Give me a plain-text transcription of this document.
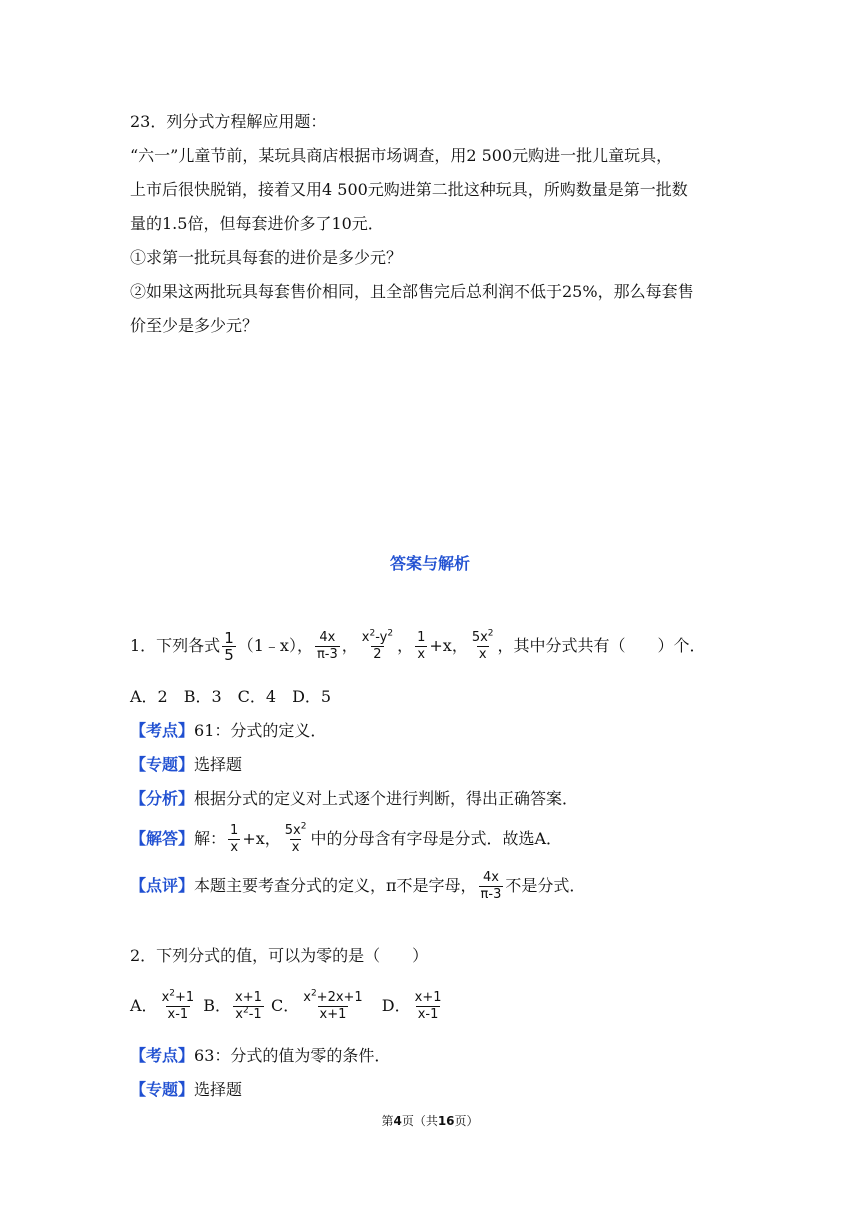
23．列分式方程解应用题：
“六一”儿童节前，某玩具商店根据市场调查，用2 500元购进一批儿童玩具，
上市后很快脱销，接着又用4 500元购进第二批这种玩具，所购数量是第一批数
量的1.5倍，但每套进价多了10元．
①求第一批玩具每套的进价是多少元？
②如果这两批玩具每套售价相同，且全部售完后总利润不低于25%，那么每套售
价至少是多少元？
答案与解析
1．下列各式 $\frac{1}{5}$ （1﹣x）， $\frac{4x}{\pi-3}$ ， $\frac{x^2-y^2}{2}$ ， $\frac{1}{x} +x$， $\frac{5x^2}{x}$ ，其中分式共有（　　）个．
A．2　B．3　C．4　D．5
【考点】61：分式的定义．
【专题】选择题
【分析】根据分式的定义对上式逐个进行判断，得出正确答案．
【解答】解： $\frac{1}{x} +x$， $\frac{5x^2}{x}$ 中的分母含有字母是分式．故选A．
【点评】本题主要考查分式的定义，π不是字母， $\frac{4x}{\pi-3}$ 不是分式．
2．下列分式的值，可以为零的是（　　）
A． $\frac{x^2+1}{x-1}$ B． $\frac{x+1}{x^2-1}$ C． $\frac{x^2+2x+1}{x+1}$ D． $\frac{x+1}{x-1}$
【考点】63：分式的值为零的条件．
【专题】选择题
第4页（共16页）
